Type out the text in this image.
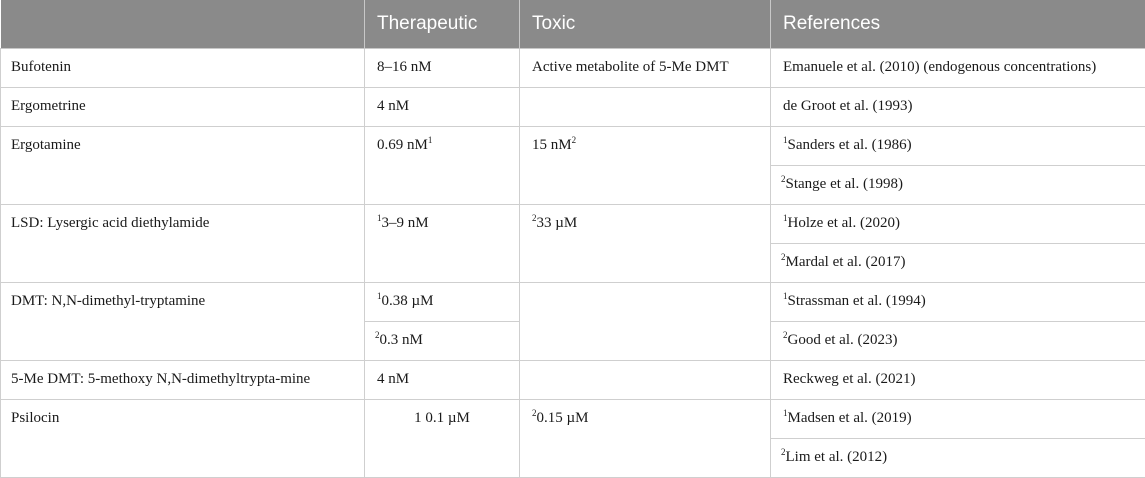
	Therapeutic	Toxic	References
Bufotenin	8–16 nM	Active metabolite of 5-Me DMT	Emanuele et al. (2010) (endogenous concentrations)
Ergometrine	4 nM		de Groot et al. (1993)
Ergotamine	0.69 $nM^1$	15 $nM^2$	$^1$Sanders et al. (1986)
			$^2$Stange et al. (1998)
LSD: Lysergic acid diethylamide	$^1$3–9 nM	$^2$33 µM	$^1$Holze et al. (2020)
			$^2$Mardal et al. (2017)
DMT: N,N-dimethyl-tryptamine	$^1$0.38 µM		$^1$Strassman et al. (1994)
	$^2$0.3 nM		$^2$Good et al. (2023)
5-Me DMT: 5-methoxy N,N-dimethyltrypta-mine	4 nM		Reckweg et al. (2021)
Psilocin	1 0.1 µM	$^2$0.15 µM	$^1$Madsen et al. (2019)
			$^2$Lim et al. (2012)
